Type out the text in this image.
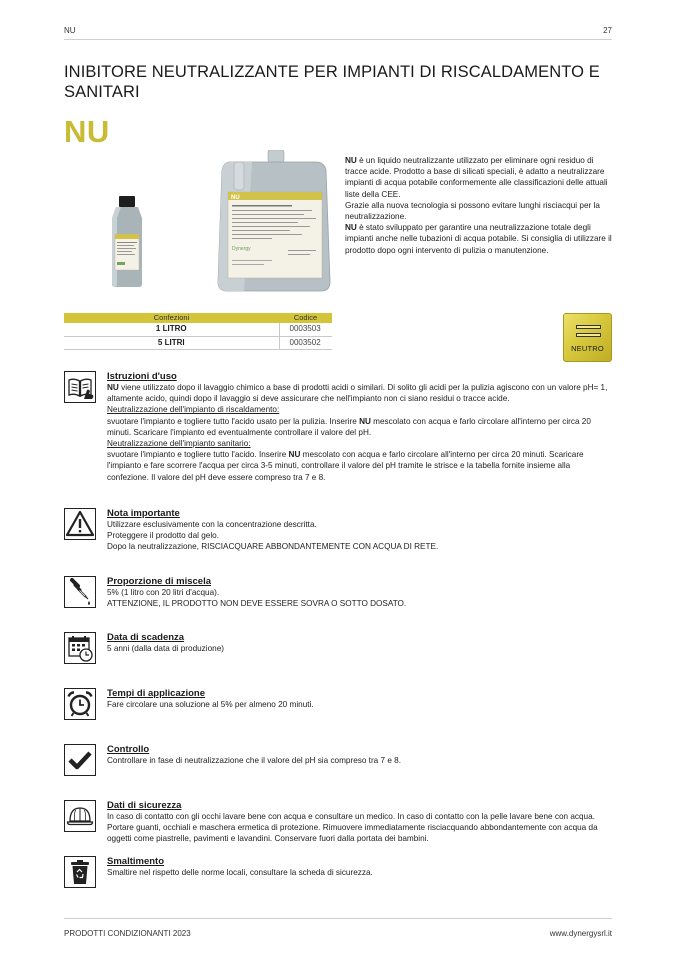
NU	27
INIBITORE NEUTRALIZZANTE PER IMPIANTI DI RISCALDAMENTO E SANITARI
NU
NU
Dynergy

NU è un liquido neutralizzante utilizzato per eliminare ogni residuo di tracce acide. Prodotto a base di silicati speciali, è adatto a neutralizzare impianti di acqua potabile conformemente alle classificazioni delle attuali liste della CEE.

Grazie alla nuova tecnologia si possono evitare lunghi risciacqui per la neutralizzazione.

NU è stato sviluppato per garantire una neutralizzazione totale degli impianti anche nelle tubazioni di acqua potabile. Si consiglia di utilizzare il prodotto dopo ogni intervento di pulizia o manutenzione.

Confezioni	Codice
1 LITRO	0003503
5 LITRI	0003502
NEUTRO
Istruzioni d'uso

NU viene utilizzato dopo il lavaggio chimico a base di prodotti acidi o similari. Di solito gli acidi per la pulizia agiscono con un valore pH= 1, altamente acido, quindi dopo il lavaggio si deve assicurare che nell'impianto non ci siano residui o tracce acide.

Neutralizzazione dell'impianto di riscaldamento:

svuotare l'impianto e togliere tutto l'acido usato per la pulizia. Inserire NU mescolato con acqua e farlo circolare all'interno per circa 20 minuti. Scaricare l'impianto ed eventualmente controllare il valore del pH.

Neutralizzazione dell'impianto sanitario:

svuotare l'impianto e togliere tutto l'acido. Inserire NU mescolato con acqua e farlo circolare all'interno per circa 20 minuti. Scaricare l'impianto e fare scorrere l'acqua per circa 3-5 minuti, controllare il valore del pH tramite le strisce e la tabella fornite insieme alla confezione. Il valore del pH deve essere compreso tra 7 e 8.

Nota importante

Utilizzare esclusivamente con la concentrazione descritta.

Proteggere il prodotto dal gelo.

Dopo la neutralizzazione, RISCIACQUARE ABBONDANTEMENTE CON ACQUA DI RETE.

Proporzione di miscela

5% (1 litro con 20 litri d'acqua).

ATTENZIONE, IL PRODOTTO NON DEVE ESSERE SOVRA O SOTTO DOSATO.

Data di scadenza
5 anni (dalla data di produzione)
Tempi di applicazione
Fare circolare una soluzione al 5% per almeno 20 minuti.
Controllo
Controllare in fase di neutralizzazione che il valore del pH sia compreso tra 7 e 8.
Dati di sicurezza
In caso di contatto con gli occhi lavare bene con acqua e consultare un medico. In caso di contatto con la pelle lavare bene con acqua. Portare guanti, occhiali e maschera ermetica di protezione. Rimuovere immediatamente risciacquando abbondantemente con acqua da oggetti come piastrelle, pavimenti e lavandini. Conservare fuori dalla portata dei bambini.
Smaltimento
Smaltire nel rispetto delle norme locali, consultare la scheda di sicurezza.
PRODOTTI CONDIZIONANTI 2023	www.dynergysrl.it
